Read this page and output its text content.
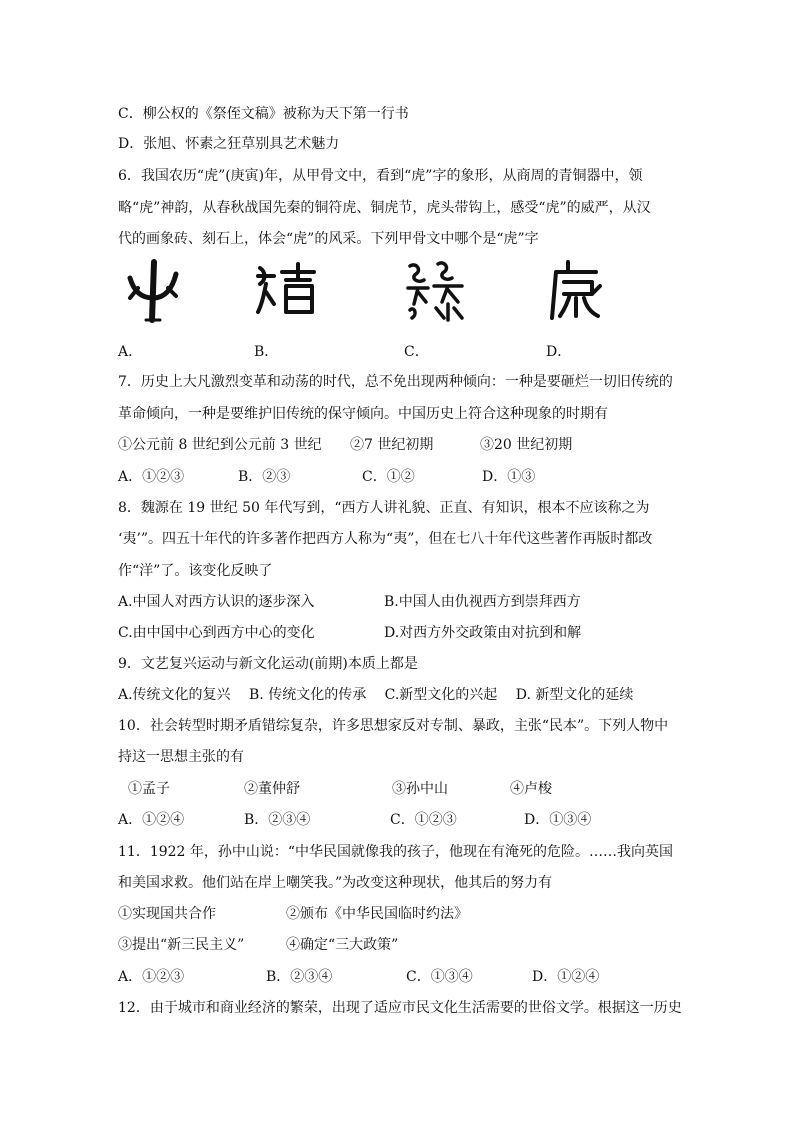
C．柳公权的《祭侄文稿》被称为天下第一行书
D．张旭、怀素之狂草别具艺术魅力
6．我国农历“虎”(庚寅)年，从甲骨文中，看到“虎”字的象形，从商周的青铜器中，领
略“虎”神韵，从春秋战国先秦的铜符虎、铜虎节，虎头带钩上，感受“虎”的威严，从汉
代的画象砖、刻石上，体会“虎”的风采。下列甲骨文中哪个是“虎”字
A．	B．	C．	D．
7．历史上大凡激烈变革和动荡的时代，总不免出现两种倾向：一种是要砸烂一切旧传统的
革命倾向，一种是要维护旧传统的保守倾向。中国历史上符合这种现象的时期有
①公元前 8 世纪到公元前 3 世纪 ②7 世纪初期	③20 世纪初期
A．①②③	B．②③	C．①②	D．①③
8．魏源在 19 世纪 50 年代写到，“西方人讲礼貌、正直、有知识，根本不应该称之为
‘夷’”。四五十年代的许多著作把西方人称为“夷”，但在七八十年代这些著作再版时都改
作“洋”了。该变化反映了
A.中国人对西方认识的逐步深入	B.中国人由仇视西方到崇拜西方
C.由中国中心到西方中心的变化	D.对西方外交政策由对抗到和解
9．文艺复兴运动与新文化运动(前期)本质上都是
A.传统文化的复兴　 B. 传统文化的传承　 C.新型文化的兴起　 D. 新型文化的延续
10．社会转型时期矛盾错综复杂，许多思想家反对专制、暴政，主张“民本”。下列人物中
持这一思想主张的有
①孟子	②董仲舒	③孙中山	④卢梭
A．①②④	B．②③④	C．①②③	D．①③④
11．1922 年，孙中山说：“中华民国就像我的孩子，他现在有淹死的危险。……我向英国
和美国求救。他们站在岸上嘲笑我。”为改变这种现状，他其后的努力有
①实现国共合作	②颁布《中华民国临时约法》
③提出“新三民主义”	④确定“三大政策”
A．①②③	B．②③④	C．①③④	D．①②④
12．由于城市和商业经济的繁荣，出现了适应市民文化生活需要的世俗文学。根据这一历史
